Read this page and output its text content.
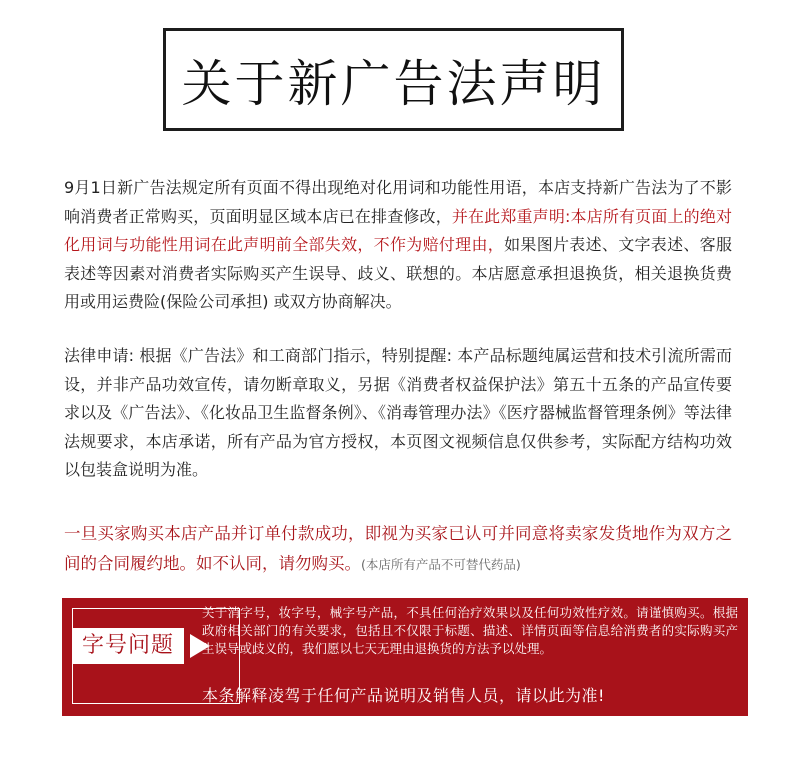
关于新广告法声明

9月1日新广告法规定所有页面不得出现绝对化用词和功能性用语，本店支持新广告法为了不影响消费者正常购买，页面明显区域本店已在排查修改，并在此郑重声明:本店所有页面上的绝对化用词与功能性用词在此声明前全部失效，不作为赔付理由，如果图片表述、文字表述、客服表述等因素对消费者实际购买产生误导、歧义、联想的。本店愿意承担退换货，相关退换货费用或用运费险(保险公司承担) 或双方协商解决。

法律申请: 根据《广告法》和工商部门指示，特别提醒: 本产品标题纯属运营和技术引流所需而设，并非产品功效宣传，请勿断章取义，另据《消费者权益保护法》第五十五条的产品宣传要求以及《广告法》、《化妆品卫生监督条例》、《消毒管理办法》《医疗器械监督管理条例》等法律法规要求，本店承诺，所有产品为官方授权，本页图文视频信息仅供参考，实际配方结构功效以包装盒说明为准。

一旦买家购买本店产品并订单付款成功，即视为买家已认可并同意将卖家发货地作为双方之间的合同履约地。如不认同，请勿购买。(本店所有产品不可替代药品)

字号问题

关于消字号，妆字号，械字号产品，不具任何治疗效果以及任何功效性疗效。请谨慎购买。根据政府相关部门的有关要求，包括且不仅限于标题、描述、详情页面等信息给消费者的实际购买产生误导或歧义的，我们愿以七天无理由退换货的方法予以处理。

本条解释凌驾于任何产品说明及销售人员，请以此为准!
